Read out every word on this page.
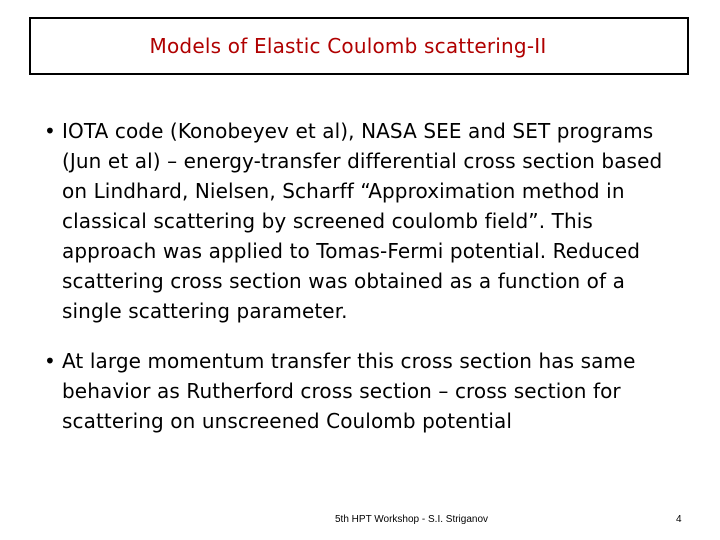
Models of Elastic Coulomb scattering-II
• IOTA code (Konobeyev et al), NASA SEE and SET programs (Jun et al) – energy-transfer differential cross section based on Lindhard, Nielsen, Scharff “Approximation method in classical scattering by screened coulomb field”. This approach was applied to Tomas-Fermi potential. Reduced scattering cross section was obtained as a function of a single scattering parameter.
• At large momentum transfer this cross section has same behavior as Rutherford cross section – cross section for scattering on unscreened Coulomb potential
5th HPT Workshop - S.I. Striganov	4
